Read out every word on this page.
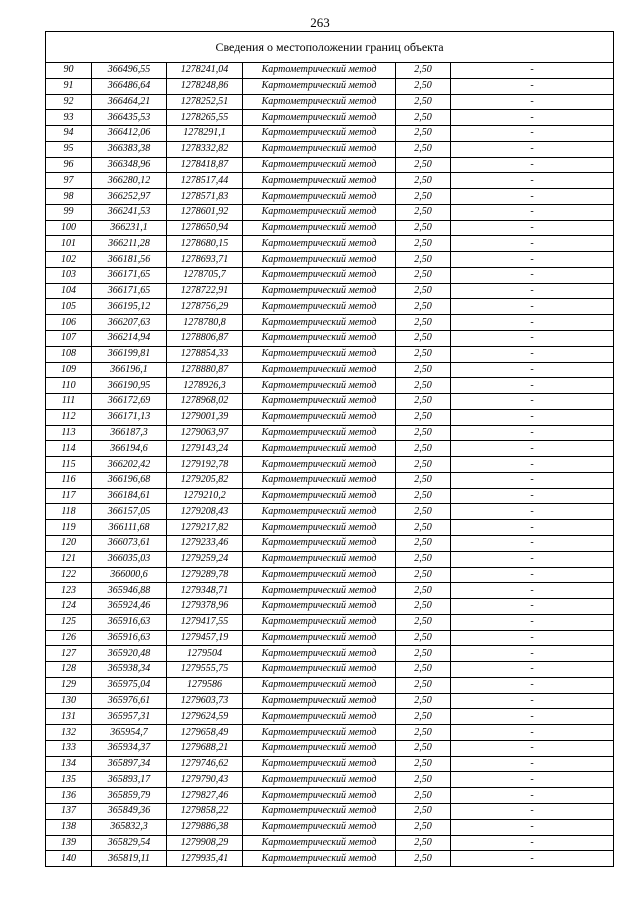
263
Сведения о местоположении границ объекта					
90	366496,55	1278241,04	Картометрический метод	2,50	-
91	366486,64	1278248,86	Картометрический метод	2,50	-
92	366464,21	1278252,51	Картометрический метод	2,50	-
93	366435,53	1278265,55	Картометрический метод	2,50	-
94	366412,06	1278291,1	Картометрический метод	2,50	-
95	366383,38	1278332,82	Картометрический метод	2,50	-
96	366348,96	1278418,87	Картометрический метод	2,50	-
97	366280,12	1278517,44	Картометрический метод	2,50	-
98	366252,97	1278571,83	Картометрический метод	2,50	-
99	366241,53	1278601,92	Картометрический метод	2,50	-
100	366231,1	1278650,94	Картометрический метод	2,50	-
101	366211,28	1278680,15	Картометрический метод	2,50	-
102	366181,56	1278693,71	Картометрический метод	2,50	-
103	366171,65	1278705,7	Картометрический метод	2,50	-
104	366171,65	1278722,91	Картометрический метод	2,50	-
105	366195,12	1278756,29	Картометрический метод	2,50	-
106	366207,63	1278780,8	Картометрический метод	2,50	-
107	366214,94	1278806,87	Картометрический метод	2,50	-
108	366199,81	1278854,33	Картометрический метод	2,50	-
109	366196,1	1278880,87	Картометрический метод	2,50	-
110	366190,95	1278926,3	Картометрический метод	2,50	-
111	366172,69	1278968,02	Картометрический метод	2,50	-
112	366171,13	1279001,39	Картометрический метод	2,50	-
113	366187,3	1279063,97	Картометрический метод	2,50	-
114	366194,6	1279143,24	Картометрический метод	2,50	-
115	366202,42	1279192,78	Картометрический метод	2,50	-
116	366196,68	1279205,82	Картометрический метод	2,50	-
117	366184,61	1279210,2	Картометрический метод	2,50	-
118	366157,05	1279208,43	Картометрический метод	2,50	-
119	366111,68	1279217,82	Картометрический метод	2,50	-
120	366073,61	1279233,46	Картометрический метод	2,50	-
121	366035,03	1279259,24	Картометрический метод	2,50	-
122	366000,6	1279289,78	Картометрический метод	2,50	-
123	365946,88	1279348,71	Картометрический метод	2,50	-
124	365924,46	1279378,96	Картометрический метод	2,50	-
125	365916,63	1279417,55	Картометрический метод	2,50	-
126	365916,63	1279457,19	Картометрический метод	2,50	-
127	365920,48	1279504	Картометрический метод	2,50	-
128	365938,34	1279555,75	Картометрический метод	2,50	-
129	365975,04	1279586	Картометрический метод	2,50	-
130	365976,61	1279603,73	Картометрический метод	2,50	-
131	365957,31	1279624,59	Картометрический метод	2,50	-
132	365954,7	1279658,49	Картометрический метод	2,50	-
133	365934,37	1279688,21	Картометрический метод	2,50	-
134	365897,34	1279746,62	Картометрический метод	2,50	-
135	365893,17	1279790,43	Картометрический метод	2,50	-
136	365859,79	1279827,46	Картометрический метод	2,50	-
137	365849,36	1279858,22	Картометрический метод	2,50	-
138	365832,3	1279886,38	Картометрический метод	2,50	-
139	365829,54	1279908,29	Картометрический метод	2,50	-
140	365819,11	1279935,41	Картометрический метод	2,50	-
